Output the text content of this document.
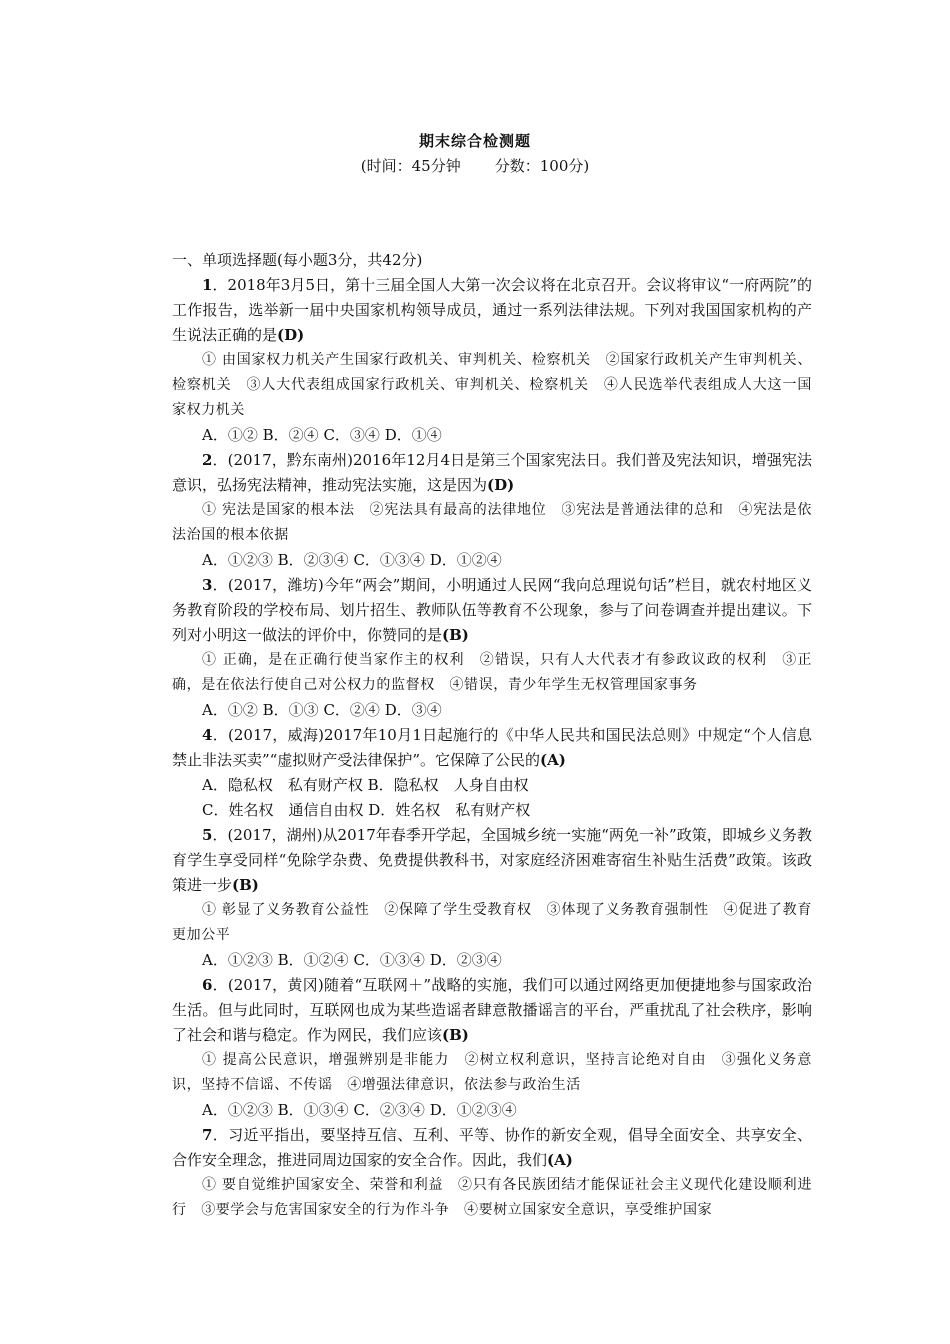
期末综合检测题
(时间：45分钟 分数：100分)

一、单项选择题(每小题3分，共42分)

1．2018年3月5日，第十三届全国人大第一次会议将在北京召开。会议将审议“一府两院”的工作报告，选举新一届中央国家机构领导成员，通过一系列法律法规。下列对我国国家机构的产生说法正确的是(D)

① 由国家权力机关产生国家行政机关、审判机关、检察机关　②国家行政机关产生审判机关、检察机关　③人大代表组成国家行政机关、审判机关、检察机关　④人民选举代表组成人大这一国家权力机关

A．①② B．②④ C．③④ D．①④

2．(2017，黔东南州)2016年12月4日是第三个国家宪法日。我们普及宪法知识，增强宪法意识，弘扬宪法精神，推动宪法实施，这是因为(D)

① 宪法是国家的根本法　②宪法具有最高的法律地位　③宪法是普通法律的总和　④宪法是依法治国的根本依据

A．①②③ B．②③④ C．①③④ D．①②④

3．(2017，潍坊)今年“两会”期间，小明通过人民网“我向总理说句话”栏目，就农村地区义务教育阶段的学校布局、划片招生、教师队伍等教育不公现象，参与了问卷调查并提出建议。下列对小明这一做法的评价中，你赞同的是(B)

① 正确，是在正确行使当家作主的权利　②错误，只有人大代表才有参政议政的权利　③正确，是在依法行使自己对公权力的监督权　④错误，青少年学生无权管理国家事务

A．①② B．①③ C．②④ D．③④

4．(2017，威海)2017年10月1日起施行的《中华人民共和国民法总则》中规定“个人信息禁止非法买卖”“虚拟财产受法律保护”。它保障了公民的(A)

A．隐私权　私有财产权 B．隐私权　人身自由权

C．姓名权　通信自由权 D．姓名权　私有财产权

5．(2017，湖州)从2017年春季开学起，全国城乡统一实施“两免一补”政策，即城乡义务教育学生享受同样“免除学杂费、免费提供教科书，对家庭经济困难寄宿生补贴生活费”政策。该政策进一步(B)

① 彰显了义务教育公益性　②保障了学生受教育权　③体现了义务教育强制性　④促进了教育更加公平

A．①②③ B．①②④ C．①③④ D．②③④

6．(2017，黄冈)随着“互联网＋”战略的实施，我们可以通过网络更加便捷地参与国家政治生活。但与此同时，互联网也成为某些造谣者肆意散播谣言的平台，严重扰乱了社会秩序，影响了社会和谐与稳定。作为网民，我们应该(B)

① 提高公民意识，增强辨别是非能力　②树立权利意识，坚持言论绝对自由　③强化义务意识，坚持不信谣、不传谣　④增强法律意识，依法参与政治生活

A．①②③ B．①③④ C．②③④ D．①②③④

7．习近平指出，要坚持互信、互利、平等、协作的新安全观，倡导全面安全、共享安全、合作安全理念，推进同周边国家的安全合作。因此，我们(A)

① 要自觉维护国家安全、荣誉和利益　②只有各民族团结才能保证社会主义现代化建设顺利进行　③要学会与危害国家安全的行为作斗争　④要树立国家安全意识，享受维护国家
